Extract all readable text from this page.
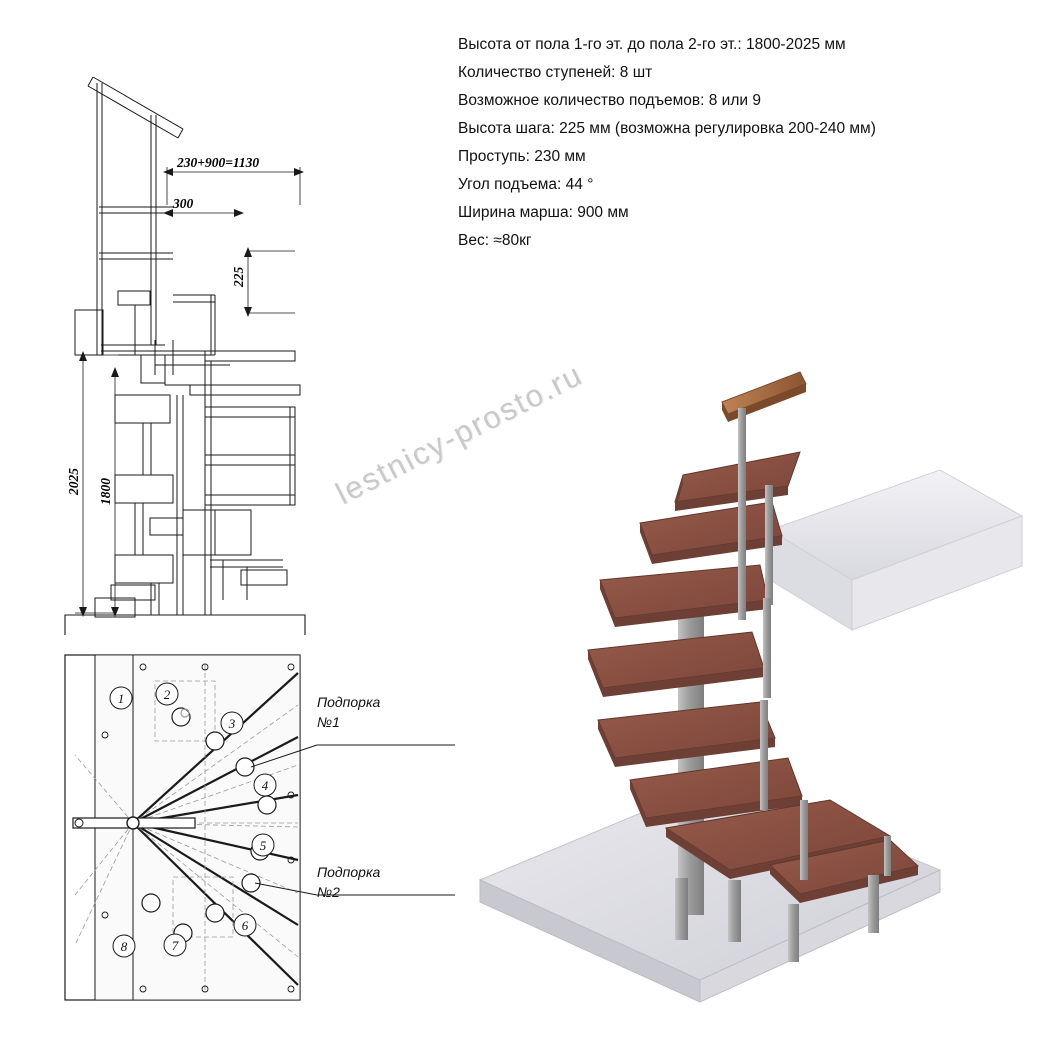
Высота от пола 1-го эт. до пола 2-го эт.: 1800-2025 мм
Количество ступеней: 8 шт
Возможное количество подъемов: 8 или 9
Высота шага: 225 мм (возможна регулировка 200-240 мм)
Проступь: 230 мм
Угол подъема: 44 °
Ширина марша: 900 мм
Вес: ≈80кг
230+900=1130
300
225
2025 1800
1	2
3
4
5
6
7
8
Подпорка
№1
Подпорка
№2
lestnicy-prosto.ru
